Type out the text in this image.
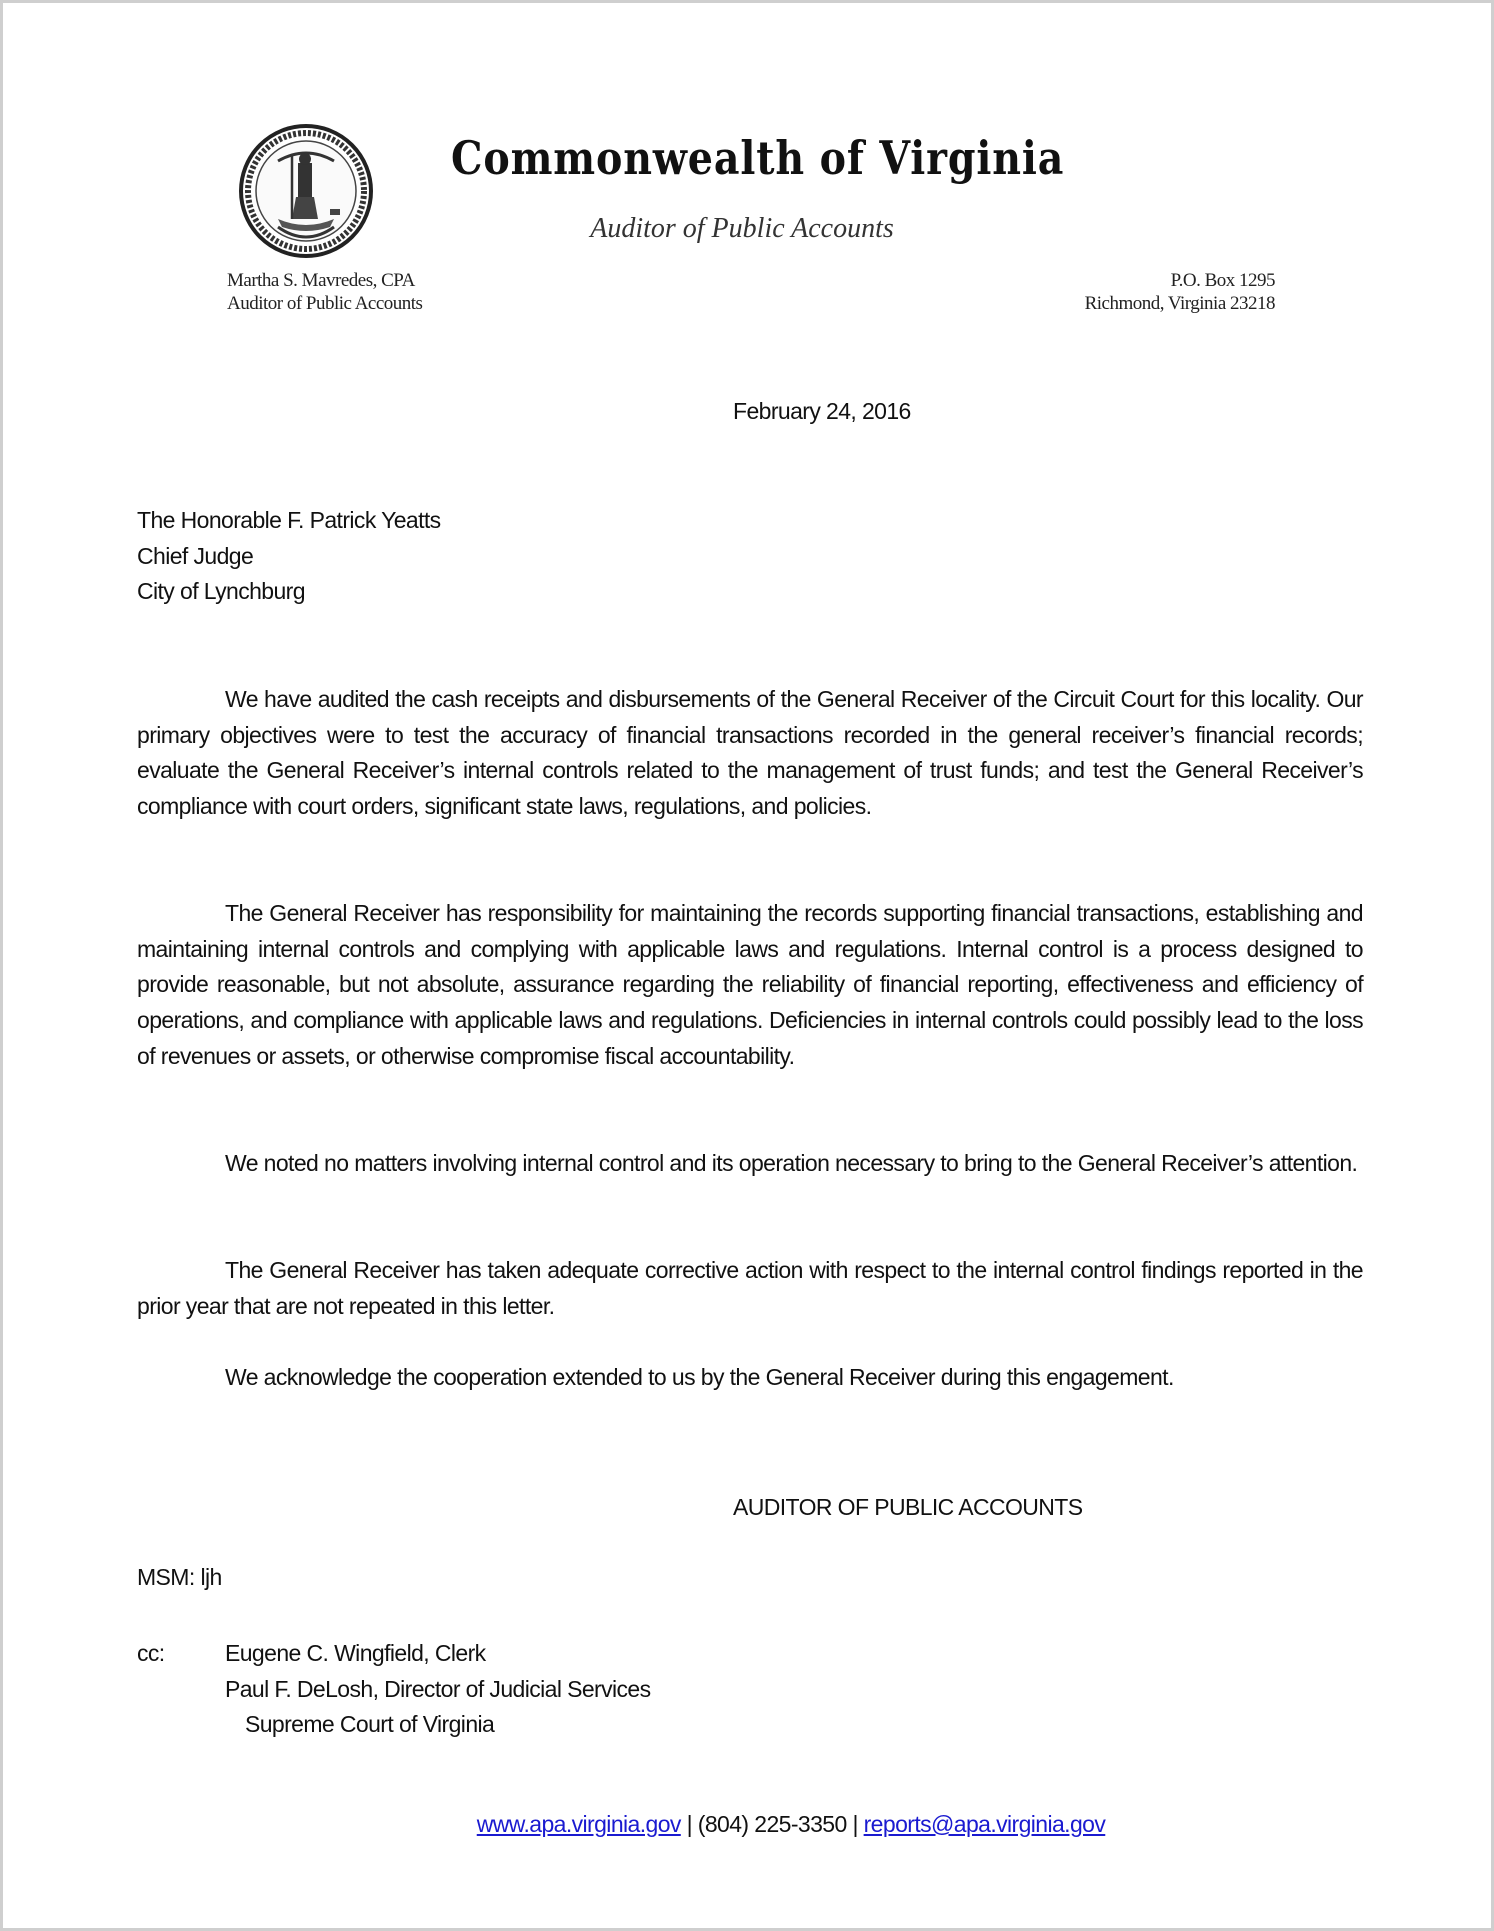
Commonwealth of Virginia
Auditor of Public Accounts
Martha S. Mavredes, CPA
Auditor of Public Accounts
P.O. Box 1295
Richmond, Virginia 23218
February 24, 2016
The Honorable F. Patrick Yeatts
Chief Judge
City of Lynchburg

We have audited the cash receipts and disbursements of the General Receiver of the Circuit Court for this locality. Our primary objectives were to test the accuracy of financial transactions recorded in the general receiver’s financial records; evaluate the General Receiver’s internal controls related to the management of trust funds; and test the General Receiver’s compliance with court orders, significant state laws, regulations, and policies.

The General Receiver has responsibility for maintaining the records supporting financial transactions, establishing and maintaining internal controls and complying with applicable laws and regulations. Internal control is a process designed to provide reasonable, but not absolute, assurance regarding the reliability of financial reporting, effectiveness and efficiency of operations, and compliance with applicable laws and regulations. Deficiencies in internal controls could possibly lead to the loss of revenues or assets, or otherwise compromise fiscal accountability.

We noted no matters involving internal control and its operation necessary to bring to the General Receiver’s attention.

The General Receiver has taken adequate corrective action with respect to the internal control findings reported in the prior year that are not repeated in this letter.

We acknowledge the cooperation extended to us by the General Receiver during this engagement.

AUDITOR OF PUBLIC ACCOUNTS
MSM: ljh
cc:	Eugene C. Wingfield, Clerk
Paul F. DeLosh, Director of Judicial Services
Supreme Court of Virginia
www.apa.virginia.gov | (804) 225-3350 | reports@apa.virginia.gov
